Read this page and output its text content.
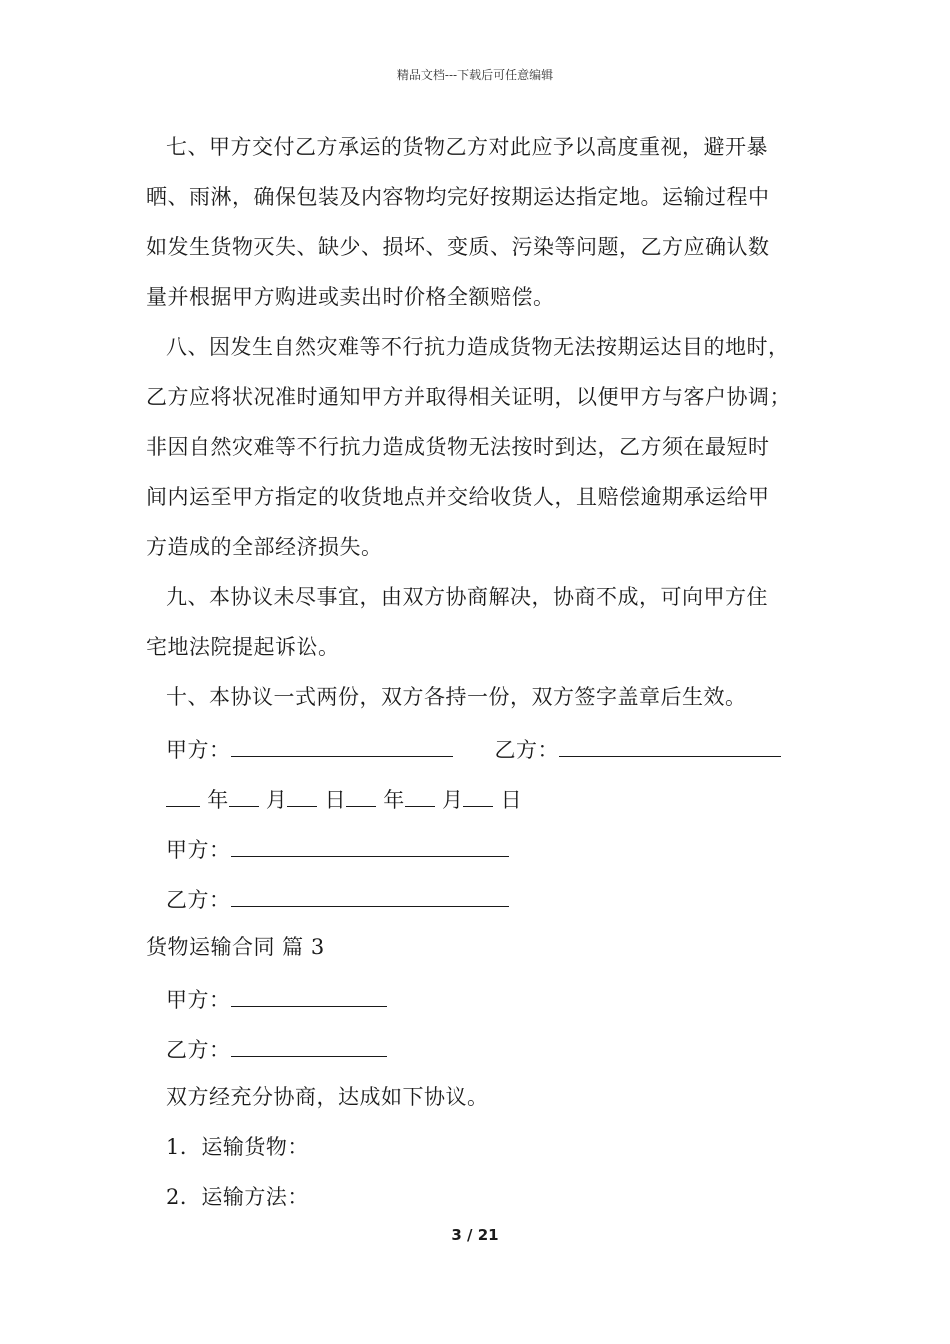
精品文档---下载后可任意编辑
七、甲方交付乙方承运的货物乙方对此应予以高度重视，避开暴
晒、雨淋，确保包装及内容物均完好按期运达指定地。运输过程中
如发生货物灭失、缺少、损坏、变质、污染等问题，乙方应确认数
量并根据甲方购进或卖出时价格全额赔偿。
八、因发生自然灾难等不行抗力造成货物无法按期运达目的地时，
乙方应将状况准时通知甲方并取得相关证明，以便甲方与客户协调；
非因自然灾难等不行抗力造成货物无法按时到达，乙方须在最短时
间内运至甲方指定的收货地点并交给收货人，且赔偿逾期承运给甲
方造成的全部经济损失。
九、本协议未尽事宜，由双方协商解决，协商不成，可向甲方住
宅地法院提起诉讼。
十、本协议一式两份，双方各持一份，双方签字盖章后生效。
甲方：	乙方：
年 月 日 年 月 日
甲方：
乙方：
货物运输合同 篇 3
甲方：
乙方：
双方经充分协商，达成如下协议。
1．运输货物：
2．运输方法：
3 / 21
